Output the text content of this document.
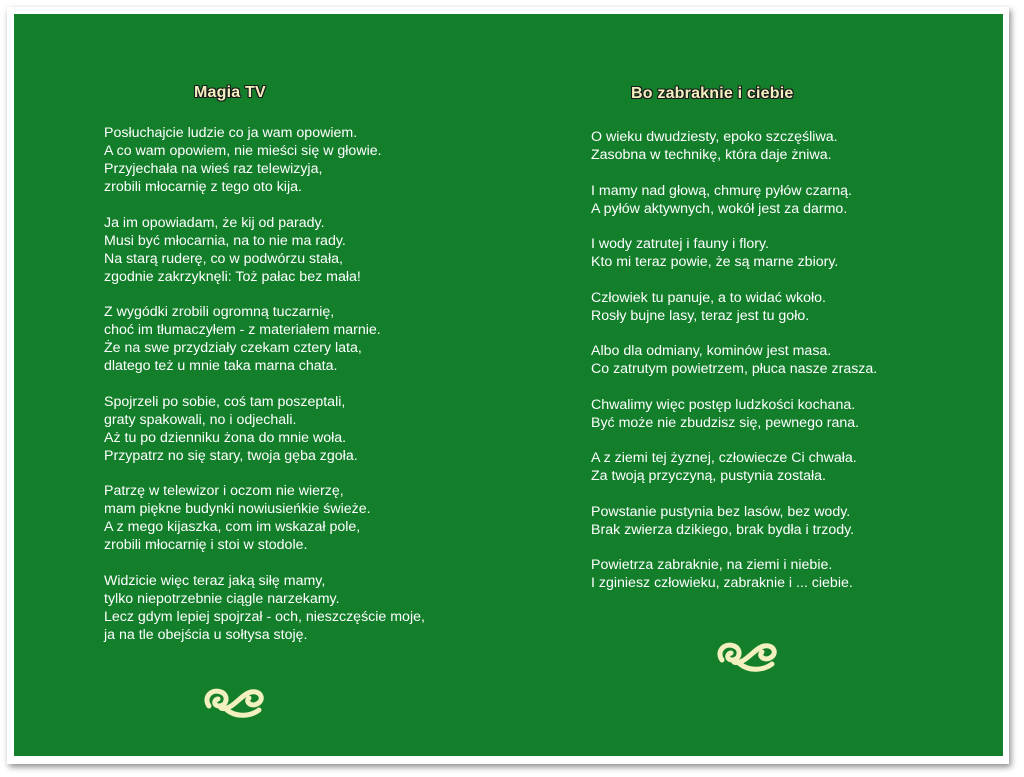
Magia TV
Posłuchajcie ludzie co ja wam opowiem.
A co wam opowiem, nie mieści się w głowie.
Przyjechała na wieś raz telewizyja,
zrobili młocarnię z tego oto kija.
Ja im opowiadam, że kij od parady.
Musi być młocarnia, na to nie ma rady.
Na starą ruderę, co w podwórzu stała,
zgodnie zakrzyknęli: Toż pałac bez mała!
Z wygódki zrobili ogromną tuczarnię,
choć im tłumaczyłem - z materiałem marnie.
Że na swe przydziały czekam cztery lata,
dlatego też u mnie taka marna chata.
Spojrzeli po sobie, coś tam poszeptali,
graty spakowali, no i odjechali.
Aż tu po dzienniku żona do mnie woła.
Przypatrz no się stary, twoja gęba zgoła.
Patrzę w telewizor i oczom nie wierzę,
mam piękne budynki nowiusieńkie świeże.
A z mego kijaszka, com im wskazał pole,
zrobili młocarnię i stoi w stodole.
Widzicie więc teraz jaką siłę mamy,
tylko niepotrzebnie ciągle narzekamy.
Lecz gdym lepiej spojrzał - och, nieszczęście moje,
ja na tle obejścia u sołtysa stoję.
Bo zabraknie i ciebie
O wieku dwudziesty, epoko szczęśliwa.
Zasobna w technikę, która daje żniwa.
I mamy nad głową, chmurę pyłów czarną.
A pyłów aktywnych, wokół jest za darmo.
I wody zatrutej i fauny i flory.
Kto mi teraz powie, że są marne zbiory.
Człowiek tu panuje, a to widać wkoło.
Rosły bujne lasy, teraz jest tu goło.
Albo dla odmiany, kominów jest masa.
Co zatrutym powietrzem, płuca nasze zrasza.
Chwalimy więc postęp ludzkości kochana.
Być może nie zbudzisz się, pewnego rana.
A z ziemi tej żyznej, człowiecze Ci chwała.
Za twoją przyczyną, pustynia została.
Powstanie pustynia bez lasów, bez wody.
Brak zwierza dzikiego, brak bydła i trzody.
Powietrza zabraknie, na ziemi i niebie.
I zginiesz człowieku, zabraknie i ... ciebie.
